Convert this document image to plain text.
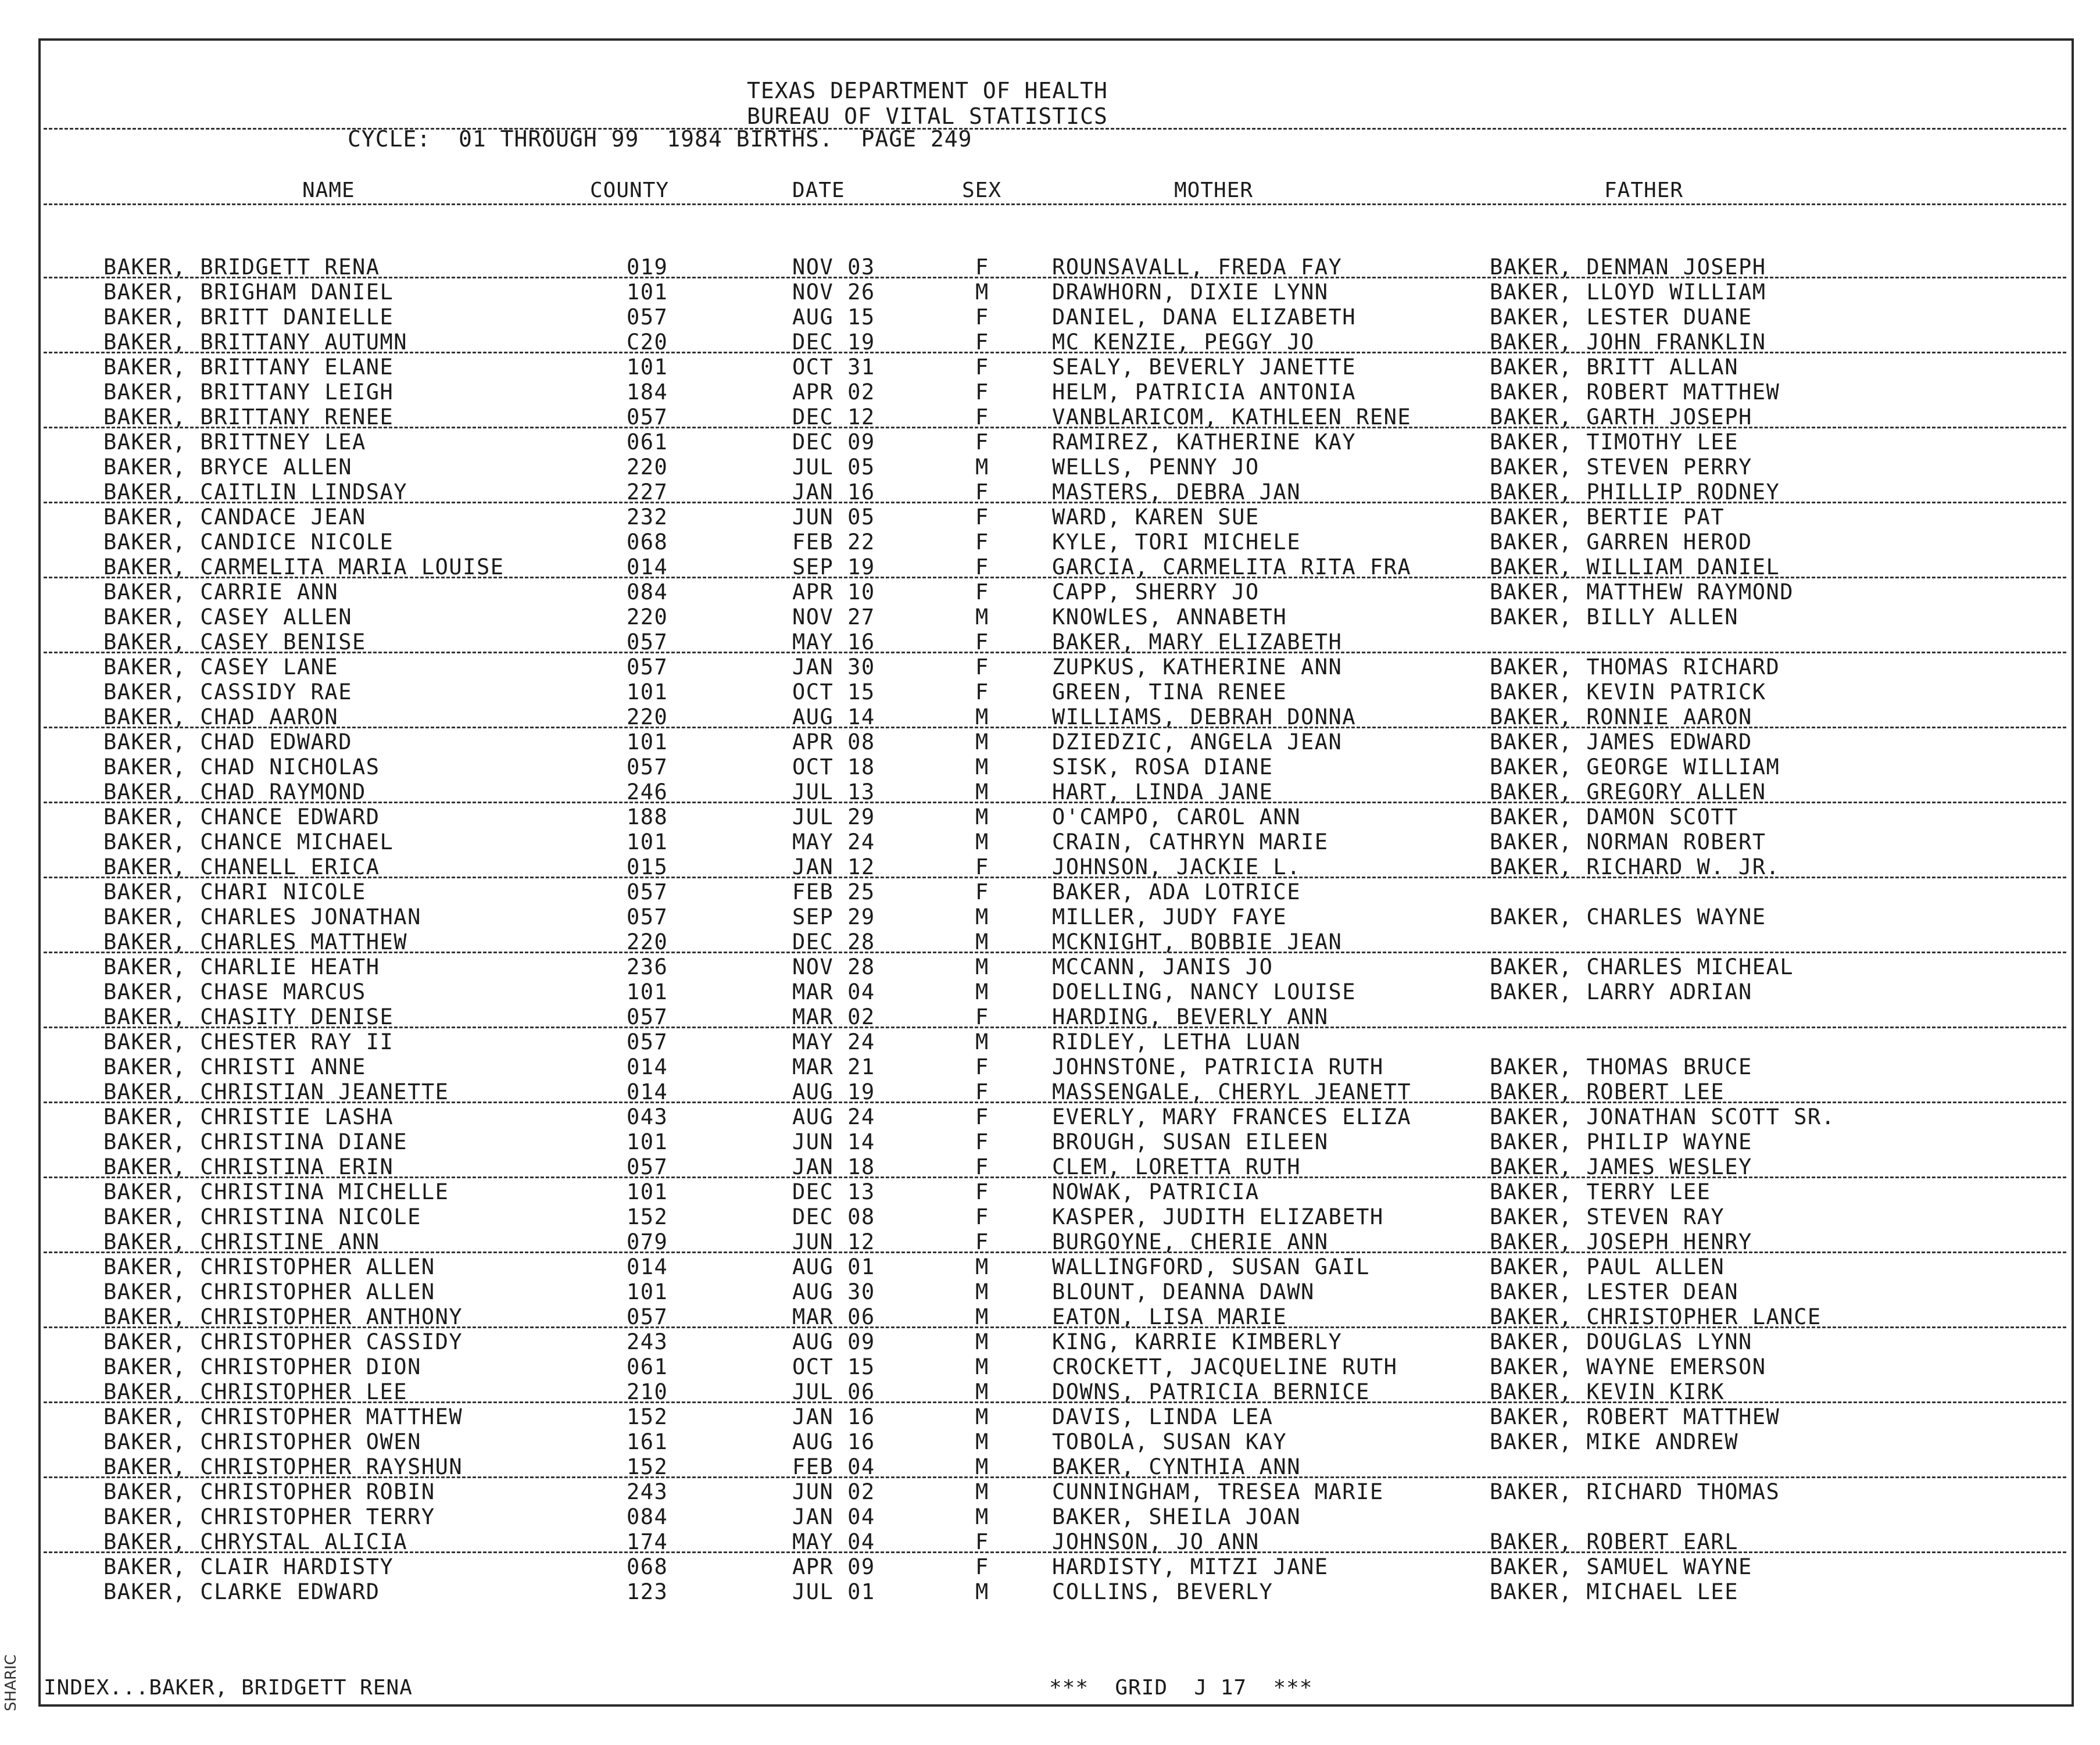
SHARIC
TEXAS DEPARTMENT OF HEALTH
BUREAU OF VITAL STATISTICS
CYCLE:  01 THROUGH 99  1984 BIRTHS.  PAGE 249
NAME	COUNTY	DATE	SEX	MOTHER	FATHER
BAKER, BRIDGETT RENA	019	NOV 03	F	ROUNSAVALL, FREDA FAY	BAKER, DENMAN JOSEPH
BAKER, BRIGHAM DANIEL	101	NOV 26	M	DRAWHORN, DIXIE LYNN	BAKER, LLOYD WILLIAM
BAKER, BRITT DANIELLE	057	AUG 15	F	DANIEL, DANA ELIZABETH	BAKER, LESTER DUANE
BAKER, BRITTANY AUTUMN	C20	DEC 19	F	MC KENZIE, PEGGY JO	BAKER, JOHN FRANKLIN
BAKER, BRITTANY ELANE	101	OCT 31	F	SEALY, BEVERLY JANETTE	BAKER, BRITT ALLAN
BAKER, BRITTANY LEIGH	184	APR 02	F	HELM, PATRICIA ANTONIA	BAKER, ROBERT MATTHEW
BAKER, BRITTANY RENEE	057	DEC 12	F	VANBLARICOM, KATHLEEN RENE	BAKER, GARTH JOSEPH
BAKER, BRITTNEY LEA	061	DEC 09	F	RAMIREZ, KATHERINE KAY	BAKER, TIMOTHY LEE
BAKER, BRYCE ALLEN	220	JUL 05	M	WELLS, PENNY JO	BAKER, STEVEN PERRY
BAKER, CAITLIN LINDSAY	227	JAN 16	F	MASTERS, DEBRA JAN	BAKER, PHILLIP RODNEY
BAKER, CANDACE JEAN	232	JUN 05	F	WARD, KAREN SUE	BAKER, BERTIE PAT
BAKER, CANDICE NICOLE	068	FEB 22	F	KYLE, TORI MICHELE	BAKER, GARREN HEROD
BAKER, CARMELITA MARIA LOUISE	014	SEP 19	F	GARCIA, CARMELITA RITA FRA	BAKER, WILLIAM DANIEL
BAKER, CARRIE ANN	084	APR 10	F	CAPP, SHERRY JO	BAKER, MATTHEW RAYMOND
BAKER, CASEY ALLEN	220	NOV 27	M	KNOWLES, ANNABETH	BAKER, BILLY ALLEN
BAKER, CASEY BENISE	057	MAY 16	F	BAKER, MARY ELIZABETH
BAKER, CASEY LANE	057	JAN 30	F	ZUPKUS, KATHERINE ANN	BAKER, THOMAS RICHARD
BAKER, CASSIDY RAE	101	OCT 15	F	GREEN, TINA RENEE	BAKER, KEVIN PATRICK
BAKER, CHAD AARON	220	AUG 14	M	WILLIAMS, DEBRAH DONNA	BAKER, RONNIE AARON
BAKER, CHAD EDWARD	101	APR 08	M	DZIEDZIC, ANGELA JEAN	BAKER, JAMES EDWARD
BAKER, CHAD NICHOLAS	057	OCT 18	M	SISK, ROSA DIANE	BAKER, GEORGE WILLIAM
BAKER, CHAD RAYMOND	246	JUL 13	M	HART, LINDA JANE	BAKER, GREGORY ALLEN
BAKER, CHANCE EDWARD	188	JUL 29	M	O'CAMPO, CAROL ANN	BAKER, DAMON SCOTT
BAKER, CHANCE MICHAEL	101	MAY 24	M	CRAIN, CATHRYN MARIE	BAKER, NORMAN ROBERT
BAKER, CHANELL ERICA	015	JAN 12	F	JOHNSON, JACKIE L.	BAKER, RICHARD W. JR.
BAKER, CHARI NICOLE	057	FEB 25	F	BAKER, ADA LOTRICE
BAKER, CHARLES JONATHAN	057	SEP 29	M	MILLER, JUDY FAYE	BAKER, CHARLES WAYNE
BAKER, CHARLES MATTHEW	220	DEC 28	M	MCKNIGHT, BOBBIE JEAN
BAKER, CHARLIE HEATH	236	NOV 28	M	MCCANN, JANIS JO	BAKER, CHARLES MICHEAL
BAKER, CHASE MARCUS	101	MAR 04	M	DOELLING, NANCY LOUISE	BAKER, LARRY ADRIAN
BAKER, CHASITY DENISE	057	MAR 02	F	HARDING, BEVERLY ANN
BAKER, CHESTER RAY II	057	MAY 24	M	RIDLEY, LETHA LUAN
BAKER, CHRISTI ANNE	014	MAR 21	F	JOHNSTONE, PATRICIA RUTH	BAKER, THOMAS BRUCE
BAKER, CHRISTIAN JEANETTE	014	AUG 19	F	MASSENGALE, CHERYL JEANETT	BAKER, ROBERT LEE
BAKER, CHRISTIE LASHA	043	AUG 24	F	EVERLY, MARY FRANCES ELIZA	BAKER, JONATHAN SCOTT SR.
BAKER, CHRISTINA DIANE	101	JUN 14	F	BROUGH, SUSAN EILEEN	BAKER, PHILIP WAYNE
BAKER, CHRISTINA ERIN	057	JAN 18	F	CLEM, LORETTA RUTH	BAKER, JAMES WESLEY
BAKER, CHRISTINA MICHELLE	101	DEC 13	F	NOWAK, PATRICIA	BAKER, TERRY LEE
BAKER, CHRISTINA NICOLE	152	DEC 08	F	KASPER, JUDITH ELIZABETH	BAKER, STEVEN RAY
BAKER, CHRISTINE ANN	079	JUN 12	F	BURGOYNE, CHERIE ANN	BAKER, JOSEPH HENRY
BAKER, CHRISTOPHER ALLEN	014	AUG 01	M	WALLINGFORD, SUSAN GAIL	BAKER, PAUL ALLEN
BAKER, CHRISTOPHER ALLEN	101	AUG 30	M	BLOUNT, DEANNA DAWN	BAKER, LESTER DEAN
BAKER, CHRISTOPHER ANTHONY	057	MAR 06	M	EATON, LISA MARIE	BAKER, CHRISTOPHER LANCE
BAKER, CHRISTOPHER CASSIDY	243	AUG 09	M	KING, KARRIE KIMBERLY	BAKER, DOUGLAS LYNN
BAKER, CHRISTOPHER DION	061	OCT 15	M	CROCKETT, JACQUELINE RUTH	BAKER, WAYNE EMERSON
BAKER, CHRISTOPHER LEE	210	JUL 06	M	DOWNS, PATRICIA BERNICE	BAKER, KEVIN KIRK
BAKER, CHRISTOPHER MATTHEW	152	JAN 16	M	DAVIS, LINDA LEA	BAKER, ROBERT MATTHEW
BAKER, CHRISTOPHER OWEN	161	AUG 16	M	TOBOLA, SUSAN KAY	BAKER, MIKE ANDREW
BAKER, CHRISTOPHER RAYSHUN	152	FEB 04	M	BAKER, CYNTHIA ANN
BAKER, CHRISTOPHER ROBIN	243	JUN 02	M	CUNNINGHAM, TRESEA MARIE	BAKER, RICHARD THOMAS
BAKER, CHRISTOPHER TERRY	084	JAN 04	M	BAKER, SHEILA JOAN
BAKER, CHRYSTAL ALICIA	174	MAY 04	F	JOHNSON, JO ANN	BAKER, ROBERT EARL
BAKER, CLAIR HARDISTY	068	APR 09	F	HARDISTY, MITZI JANE	BAKER, SAMUEL WAYNE
BAKER, CLARKE EDWARD	123	JUL 01	M	COLLINS, BEVERLY	BAKER, MICHAEL LEE
INDEX...BAKER, BRIDGETT RENA	***  GRID  J 17  ***
